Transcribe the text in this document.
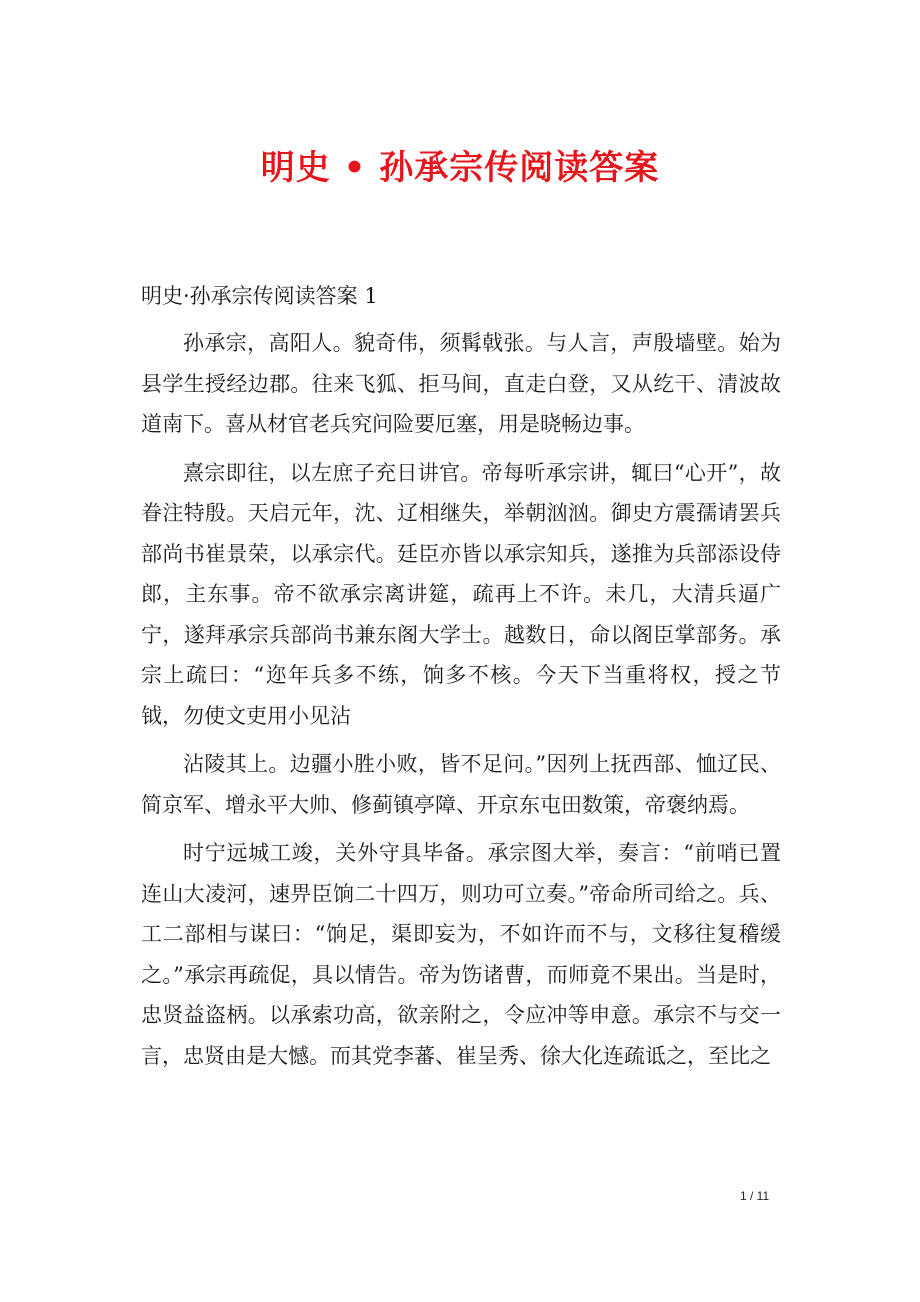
明史 • 孙承宗传阅读答案
明史·孙承宗传阅读答案 1

孙承宗，高阳人。貌奇伟，须髯戟张。与人言，声殷墙壁。始为县学生授经边郡。往来飞狐、拒马间，直走白登，又从纥干、清波故道南下。喜从材官老兵究问险要厄塞，用是晓畅边事。

熹宗即往，以左庶子充日讲官。帝每听承宗讲，辄曰“心开”，故眷注特殷。天启元年，沈、辽相继失，举朝汹汹。御史方震孺请罢兵部尚书崔景荣，以承宗代。廷臣亦皆以承宗知兵，遂推为兵部添设侍郎，主东事。帝不欲承宗离讲筵，疏再上不许。未几，大清兵逼广宁，遂拜承宗兵部尚书兼东阁大学士。越数日，命以阁臣掌部务。承宗上疏曰：“迩年兵多不练，饷多不核。今天下当重将权，授之节钺，勿使文吏用小见沾

沾陵其上。边疆小胜小败，皆不足问。”因列上抚西部、恤辽民、简京军、增永平大帅、修蓟镇亭障、开京东屯田数策，帝褒纳焉。

时宁远城工竣，关外守具毕备。承宗图大举，奏言：“前哨已置连山大凌河，速畀臣饷二十四万，则功可立奏。”帝命所司给之。兵、工二部相与谋曰：“饷足，渠即妄为，不如许而不与，文移往复稽缓之。”承宗再疏促，具以情告。帝为饬诸曹，而师竟不果出。当是时，忠贤益盗柄。以承索功高，欲亲附之，令应冲等申意。承宗不与交一言，忠贤由是大憾。而其党李蕃、崔呈秀、徐大化连疏诋之，至比之

1 / 11
